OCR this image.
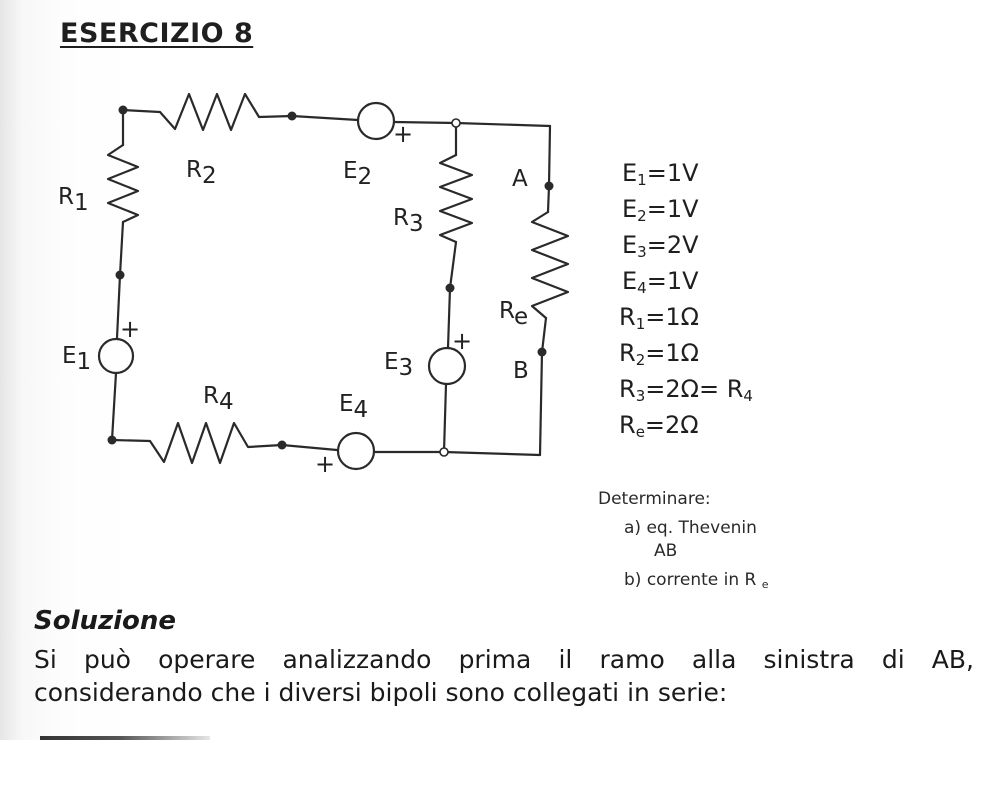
ESERCIZIO 8
R1
R2	E2
R3
A
Re
B
E1	E3
R4	E4
+
+
+
+
$E_1=1V$
$E_2=1V$
$E_3=2V$
$E_4=1V$
$R_1=1\Omega$
$R_2=1\Omega$
$R_3=2\Omega= R_4$
$R_e=2\Omega$
Determinare:
a) eq. Thevenin
AB
b) corrente in R $_e$
Soluzione
Si può operare analizzando prima il ramo alla sinistra di AB,
considerando che i diversi bipoli sono collegati in serie:
